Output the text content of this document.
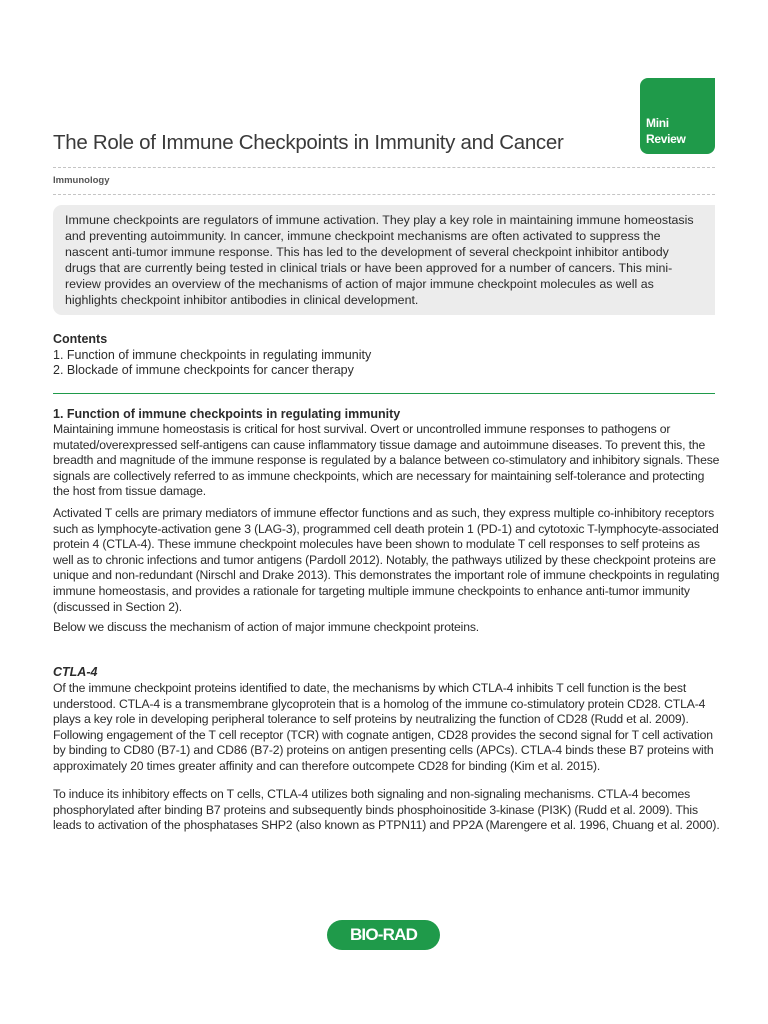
Mini
Review
The Role of Immune Checkpoints in Immunity and Cancer
Immunology
Immune checkpoints are regulators of immune activation. They play a key role in maintaining immune homeostasis and preventing autoimmunity. In cancer, immune checkpoint mechanisms are often activated to suppress the nascent anti-tumor immune response. This has led to the development of several checkpoint inhibitor antibody drugs that are currently being tested in clinical trials or have been approved for a number of cancers. This mini-review provides an overview of the mechanisms of action of major immune checkpoint molecules as well as highlights checkpoint inhibitor antibodies in clinical development.
Contents
1. Function of immune checkpoints in regulating immunity
2. Blockade of immune checkpoints for cancer therapy
1. Function of immune checkpoints in regulating immunity
Maintaining immune homeostasis is critical for host survival. Overt or uncontrolled immune responses to pathogens or mutated/overexpressed self-antigens can cause inflammatory tissue damage and autoimmune diseases. To prevent this, the breadth and magnitude of the immune response is regulated by a balance between co-stimulatory and inhibitory signals. These signals are collectively referred to as immune checkpoints, which are necessary for maintaining self-tolerance and protecting the host from tissue damage.
Activated T cells are primary mediators of immune effector functions and as such, they express multiple co-inhibitory receptors such as lymphocyte-activation gene 3 (LAG-3), programmed cell death protein 1 (PD-1) and cytotoxic T-lymphocyte-associated protein 4 (CTLA-4). These immune checkpoint molecules have been shown to modulate T cell responses to self proteins as well as to chronic infections and tumor antigens (Pardoll 2012). Notably, the pathways utilized by these checkpoint proteins are unique and non-redundant (Nirschl and Drake 2013). This demonstrates the important role of immune checkpoints in regulating immune homeostasis, and provides a rationale for targeting multiple immune checkpoints to enhance anti-tumor immunity (discussed in Section 2).
Below we discuss the mechanism of action of major immune checkpoint proteins.
CTLA-4
Of the immune checkpoint proteins identified to date, the mechanisms by which CTLA-4 inhibits T cell function is the best understood. CTLA-4 is a transmembrane glycoprotein that is a homolog of the immune co-stimulatory protein CD28. CTLA-4 plays a key role in developing peripheral tolerance to self proteins by neutralizing the function of CD28 (Rudd et al. 2009). Following engagement of the T cell receptor (TCR) with cognate antigen, CD28 provides the second signal for T cell activation by binding to CD80 (B7-1) and CD86 (B7-2) proteins on antigen presenting cells (APCs). CTLA-4 binds these B7 proteins with approximately 20 times greater affinity and can therefore outcompete CD28 for binding (Kim et al. 2015).
To induce its inhibitory effects on T cells, CTLA-4 utilizes both signaling and non-signaling mechanisms. CTLA-4 becomes phosphorylated after binding B7 proteins and subsequently binds phosphoinositide 3-kinase (PI3K) (Rudd et al. 2009). This leads to activation of the phosphatases SHP2 (also known as PTPN11) and PP2A (Marengere et al. 1996, Chuang et al. 2000).
BIO-RAD
